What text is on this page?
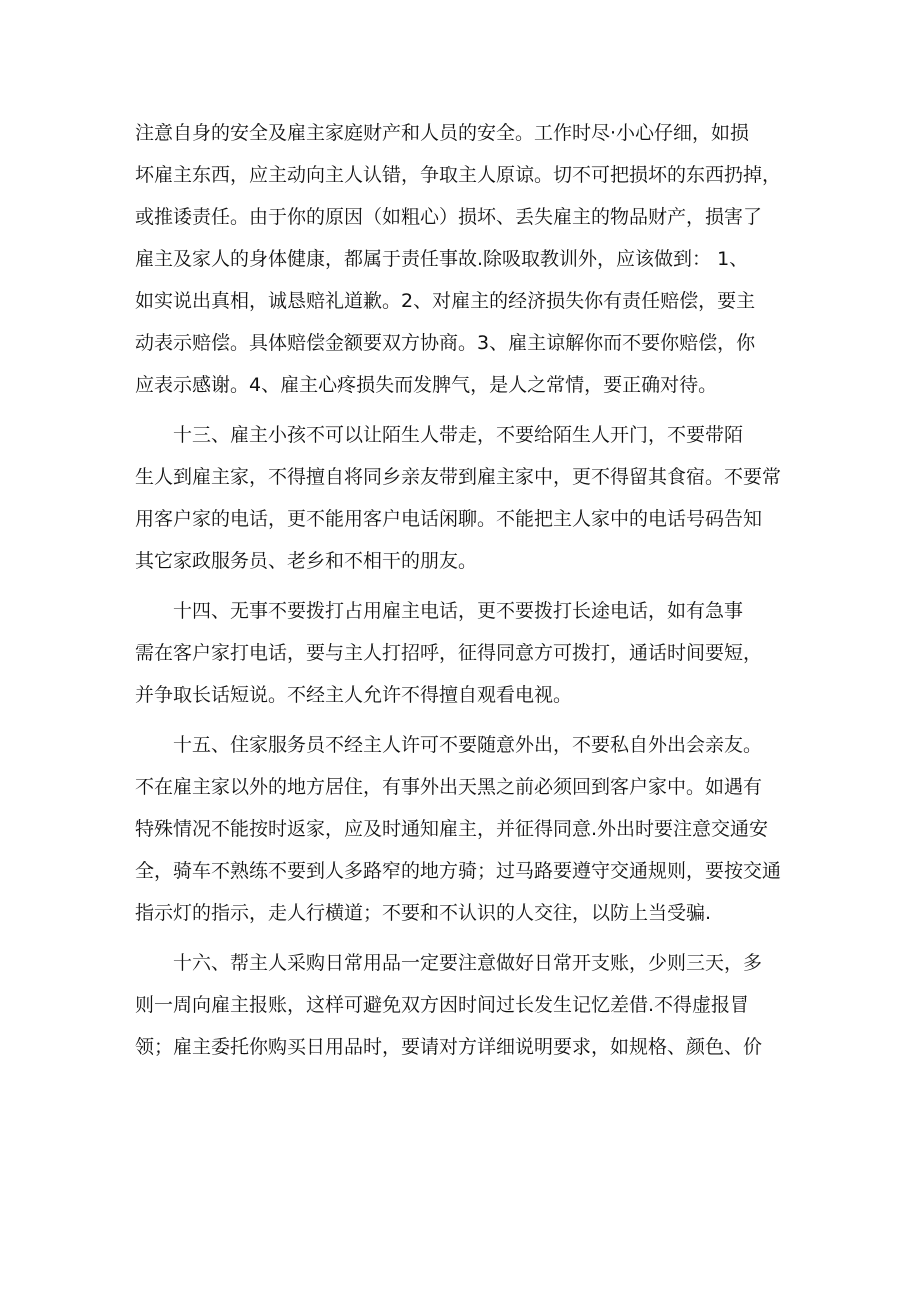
注意自身的安全及雇主家庭财产和人员的安全。工作时尽·小心仔细，如损
坏雇主东西，应主动向主人认错，争取主人原谅。切不可把损坏的东西扔掉，
或推诿责任。由于你的原因（如粗心）损坏、丢失雇主的物品财产，损害了
雇主及家人的身体健康，都属于责任事故.除吸取教训外，应该做到： 1、
如实说出真相，诚恳赔礼道歉。2、对雇主的经济损失你有责任赔偿，要主
动表示赔偿。具体赔偿金额要双方协商。3、雇主谅解你而不要你赔偿，你
应表示感谢。4、雇主心疼损失而发脾气，是人之常情，要正确对待。
十三、雇主小孩不可以让陌生人带走，不要给陌生人开门，不要带陌
生人到雇主家，不得擅自将同乡亲友带到雇主家中，更不得留其食宿。不要常
用客户家的电话，更不能用客户电话闲聊。不能把主人家中的电话号码告知
其它家政服务员、老乡和不相干的朋友。
十四、无事不要拨打占用雇主电话，更不要拨打长途电话，如有急事
需在客户家打电话，要与主人打招呼，征得同意方可拨打，通话时间要短，
并争取长话短说。不经主人允许不得擅自观看电视。
十五、住家服务员不经主人许可不要随意外出，不要私自外出会亲友。
不在雇主家以外的地方居住，有事外出天黑之前必须回到客户家中。如遇有
特殊情况不能按时返家，应及时通知雇主，并征得同意.外出时要注意交通安
全，骑车不熟练不要到人多路窄的地方骑；过马路要遵守交通规则，要按交通
指示灯的指示，走人行横道；不要和不认识的人交往，以防上当受骗.
十六、帮主人采购日常用品一定要注意做好日常开支账，少则三天，多
则一周向雇主报账，这样可避免双方因时间过长发生记忆差借.不得虚报冒
领；雇主委托你购买日用品时，要请对方详细说明要求，如规格、颜色、价
